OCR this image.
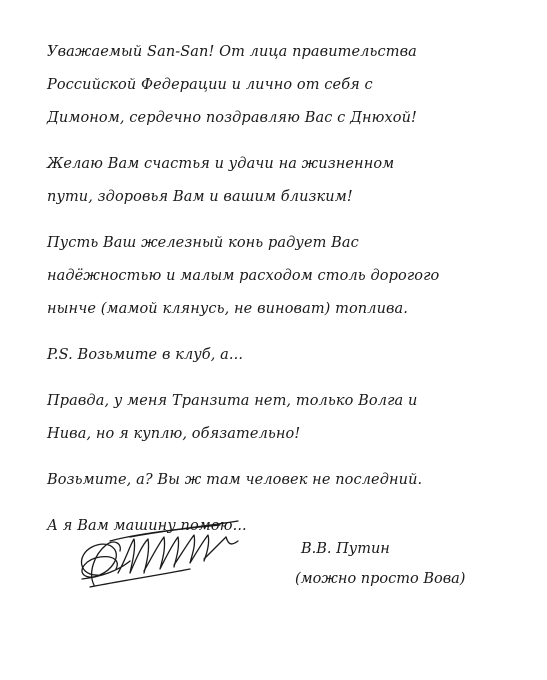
Уважаемый San-San! От лица правительства
Российской Федерации и лично от себя с
Димоном, сердечно поздравляю Вас с Днюхой!

Желаю Вам счастья и удачи на жизненном
пути, здоровья Вам и вашим близким!

Пусть Ваш железный конь радует Вас
надёжностью и малым расходом столь дорогого
нынче (мамой клянусь, не виноват) топлива.

P.S. Возьмите в клуб, а...

Правда, у меня Транзита нет, только Волга и
Нива, но я куплю, обязательно!

Возьмите, а? Вы ж там человек не последний.

А я Вам машину помою...

В.В. Путин
(можно просто Вова)
